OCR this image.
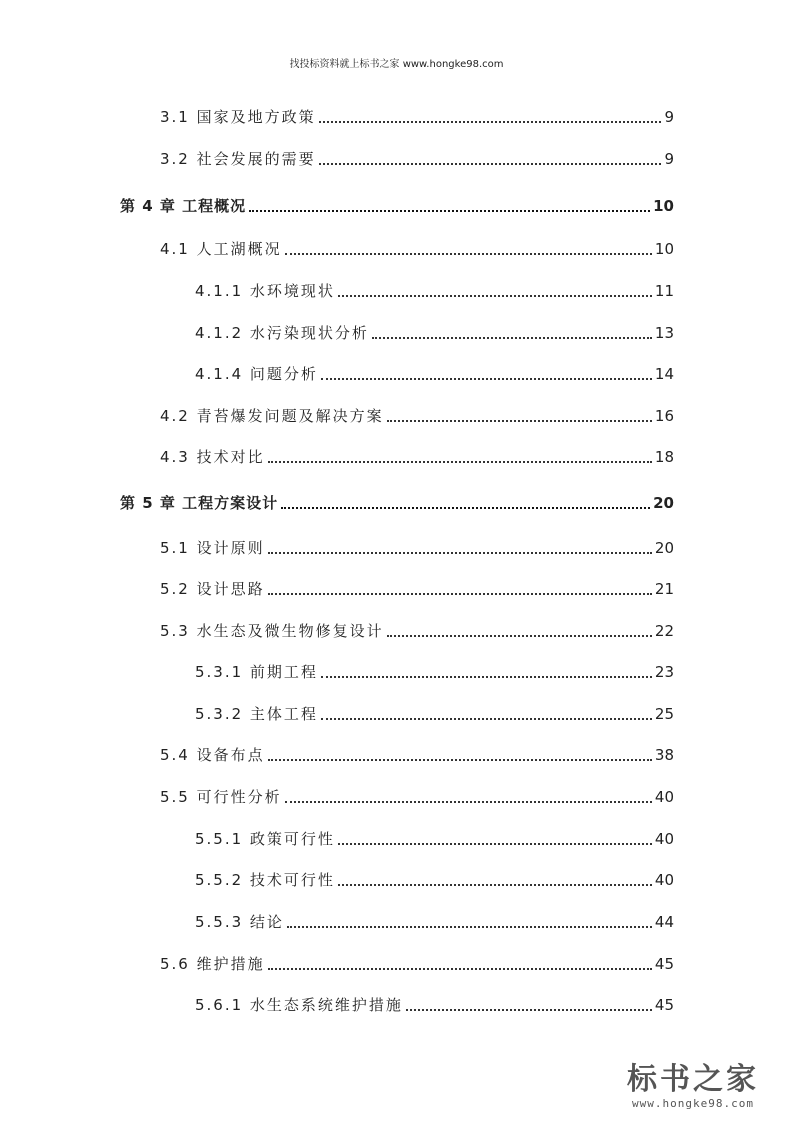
找投标资料就上标书之家 www.hongke98.com
3.1 国家及地方政策	9
3.2 社会发展的需要	9
第 4 章 工程概况	10
4.1 人工湖概况	10
4.1.1 水环境现状	11
4.1.2 水污染现状分析	13
4.1.4 问题分析	14
4.2 青苔爆发问题及解决方案	16
4.3 技术对比	18
第 5 章 工程方案设计	20
5.1 设计原则	20
5.2 设计思路	21
5.3 水生态及微生物修复设计	22
5.3.1 前期工程	23
5.3.2 主体工程	25
5.4 设备布点	38
5.5 可行性分析	40
5.5.1 政策可行性	40
5.5.2 技术可行性	40
5.5.3 结论	44
5.6 维护措施	45
5.6.1 水生态系统维护措施	45
标书之家
www.hongke98.com
